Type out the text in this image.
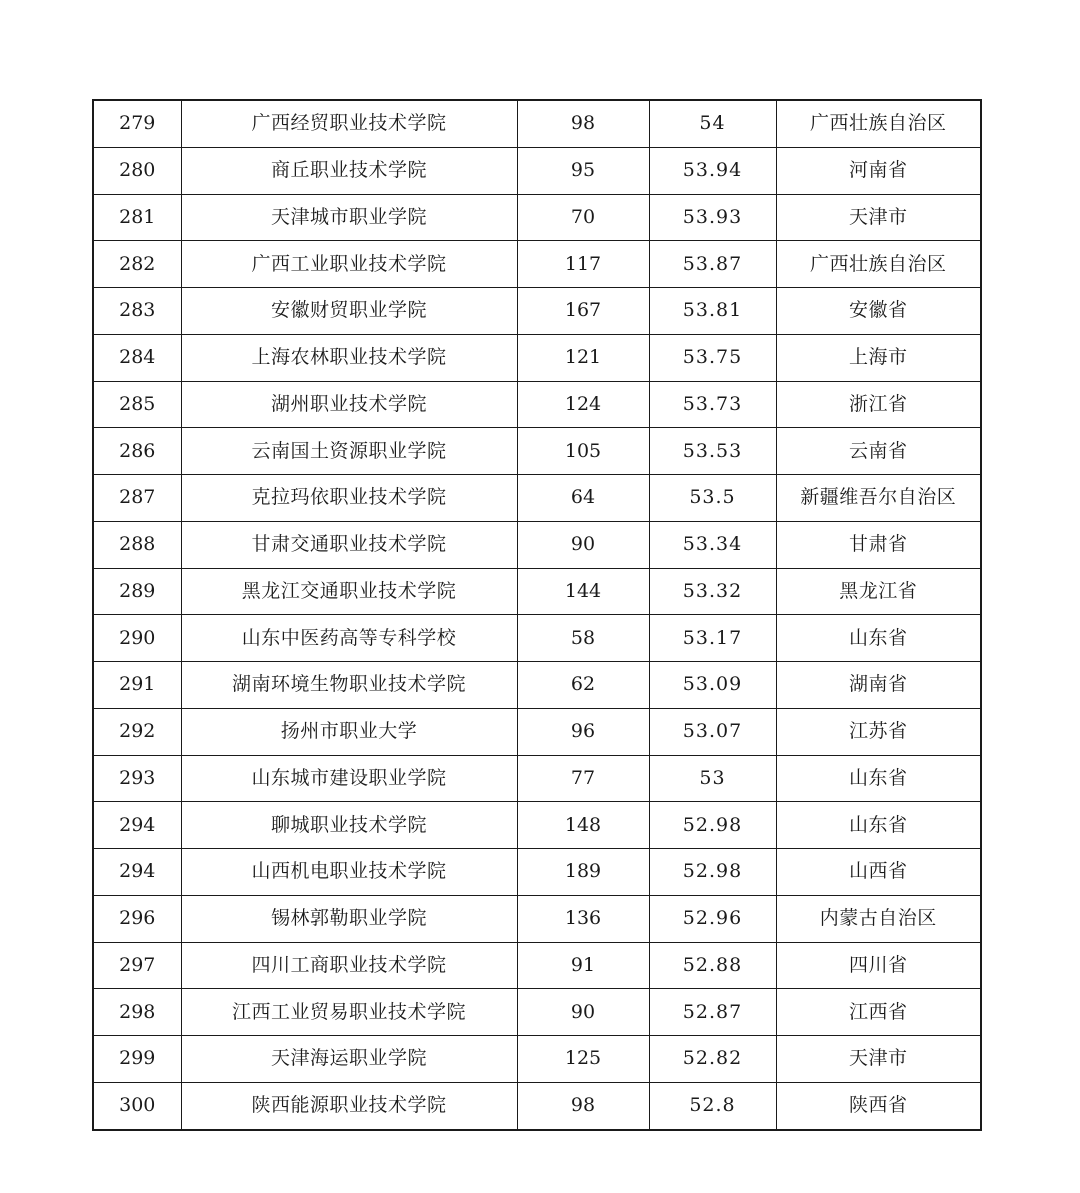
279	广西经贸职业技术学院	98	54	广西壮族自治区
280	商丘职业技术学院	95	53.94	河南省
281	天津城市职业学院	70	53.93	天津市
282	广西工业职业技术学院	117	53.87	广西壮族自治区
283	安徽财贸职业学院	167	53.81	安徽省
284	上海农林职业技术学院	121	53.75	上海市
285	湖州职业技术学院	124	53.73	浙江省
286	云南国土资源职业学院	105	53.53	云南省
287	克拉玛依职业技术学院	64	53.5	新疆维吾尔自治区
288	甘肃交通职业技术学院	90	53.34	甘肃省
289	黑龙江交通职业技术学院	144	53.32	黑龙江省
290	山东中医药高等专科学校	58	53.17	山东省
291	湖南环境生物职业技术学院	62	53.09	湖南省
292	扬州市职业大学	96	53.07	江苏省
293	山东城市建设职业学院	77	53	山东省
294	聊城职业技术学院	148	52.98	山东省
294	山西机电职业技术学院	189	52.98	山西省
296	锡林郭勒职业学院	136	52.96	内蒙古自治区
297	四川工商职业技术学院	91	52.88	四川省
298	江西工业贸易职业技术学院	90	52.87	江西省
299	天津海运职业学院	125	52.82	天津市
300	陕西能源职业技术学院	98	52.8	陕西省
